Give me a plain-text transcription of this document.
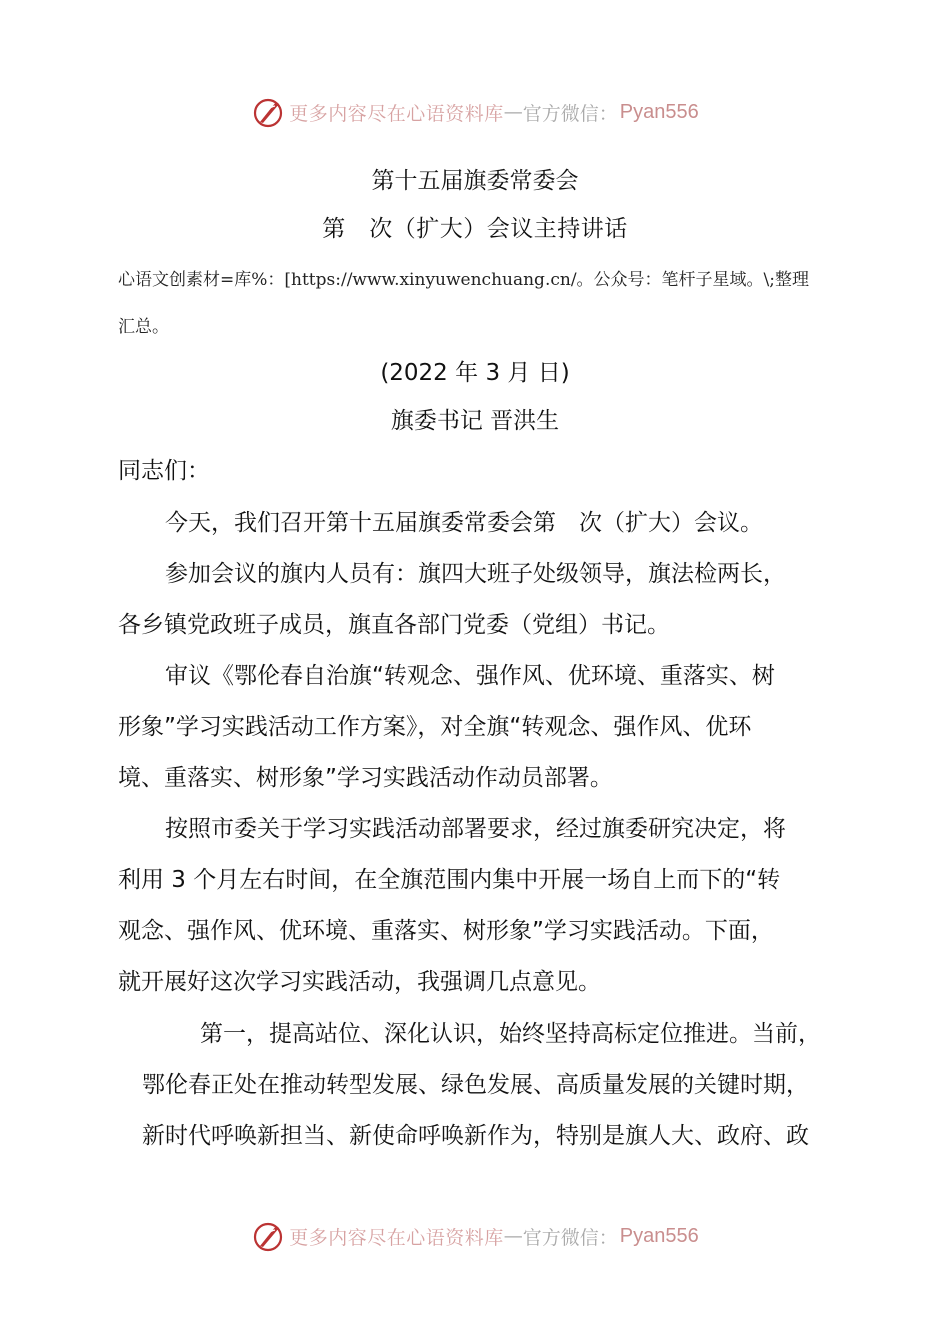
更多内容尽在心语资料库 — 官方微信： Pyan556
第十五届旗委常委会
第　次（扩大）会议主持讲话
心语文创素材=库%：[https://www.xinyuwenchuang.cn/。公众号：笔杆子星域。\;整理
汇总。
(2022 年 3 月 日)
旗委书记 晋洪生
同志们：
今天，我们召开第十五届旗委常委会第　次（扩大）会议。
参加会议的旗内人员有：旗四大班子处级领导，旗法检两长，
各乡镇党政班子成员，旗直各部门党委（党组）书记。
审议《鄂伦春自治旗“转观念、强作风、优环境、重落实、树
形象”学习实践活动工作方案》，对全旗“转观念、强作风、优环
境、重落实、树形象”学习实践活动作动员部署。
按照市委关于学习实践活动部署要求，经过旗委研究决定，将
利用 3 个月左右时间，在全旗范围内集中开展一场自上而下的“转
观念、强作风、优环境、重落实、树形象”学习实践活动。下面，
就开展好这次学习实践活动，我强调几点意见。
第一，提高站位、深化认识，始终坚持高标定位推进。当前，
鄂伦春正处在推动转型发展、绿色发展、高质量发展的关键时期，
新时代呼唤新担当、新使命呼唤新作为，特别是旗人大、政府、政
更多内容尽在心语资料库 — 官方微信： Pyan556
